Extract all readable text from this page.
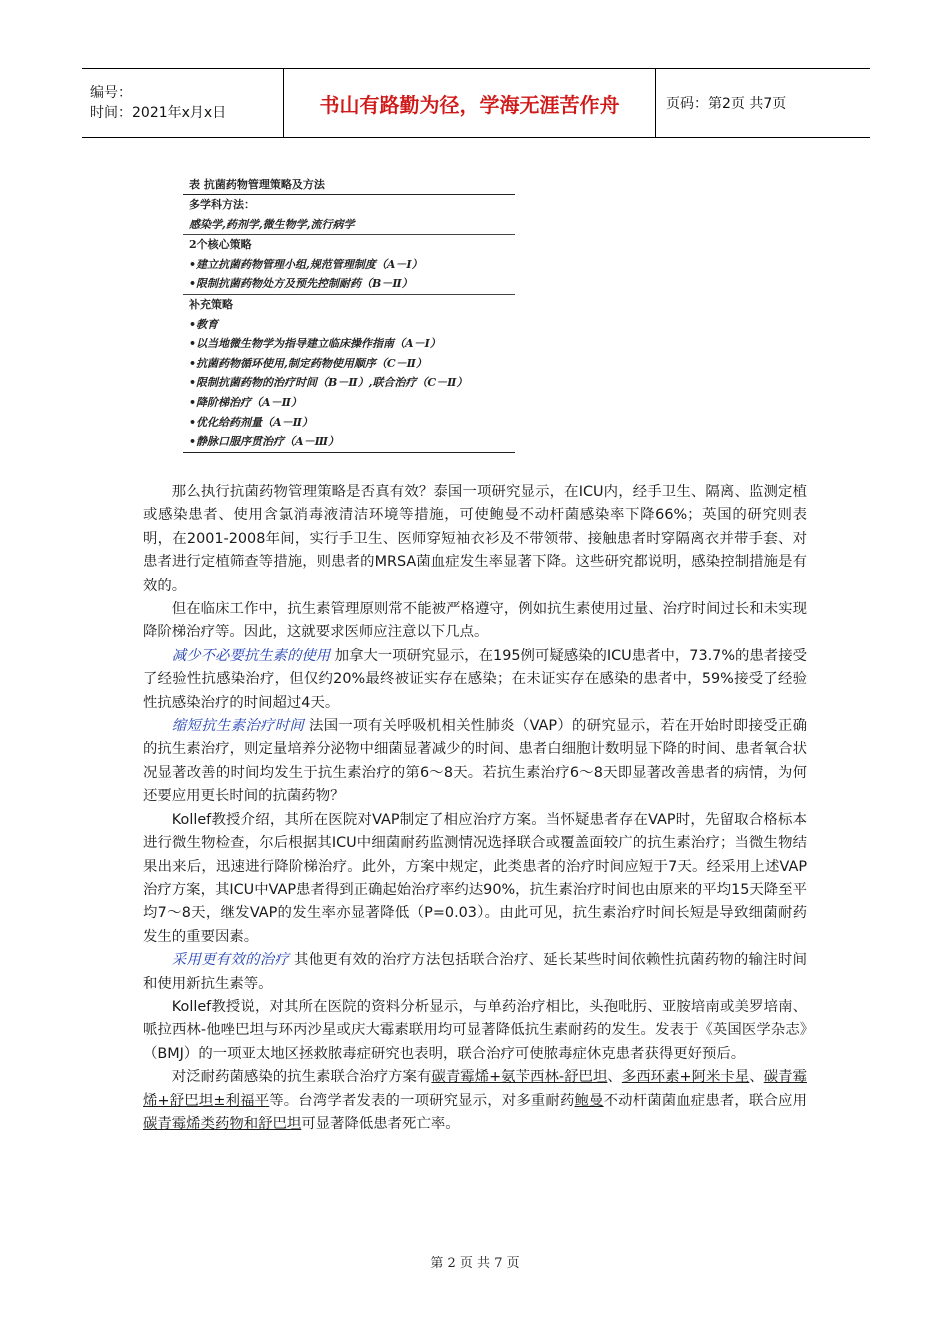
编号：
时间：2021年x月x日	书山有路勤为径，学海无涯苦作舟	页码：第2页 共7页
表 抗菌药物管理策略及方法
多学科方法：
感染学,药剂学,微生物学,流行病学
2个核心策略
•建立抗菌药物管理小组,规范管理制度（A－Ⅰ）
•限制抗菌药物处方及预先控制耐药（B－Ⅱ）
补充策略
•教育
•以当地微生物学为指导建立临床操作指南（A－Ⅰ）
•抗菌药物循环使用,制定药物使用顺序（C－Ⅱ）
•限制抗菌药物的治疗时间（B－Ⅱ）,联合治疗（C－Ⅱ）
•降阶梯治疗（A－Ⅱ）
•优化给药剂量（A－Ⅱ）
•静脉口服序贯治疗（A－Ⅲ）

那么执行抗菌药物管理策略是否真有效？泰国一项研究显示，在ICU内，经手卫生、隔离、监测定植或感染患者、使用含氯消毒液清洁环境等措施，可使鲍曼不动杆菌感染率下降66%；英国的研究则表明，在2001-2008年间，实行手卫生、医师穿短袖衣衫及不带领带、接触患者时穿隔离衣并带手套、对患者进行定植筛查等措施，则患者的MRSA菌血症发生率显著下降。这些研究都说明，感染控制措施是有效的。

但在临床工作中，抗生素管理原则常不能被严格遵守，例如抗生素使用过量、治疗时间过长和未实现降阶梯治疗等。因此，这就要求医师应注意以下几点。

减少不必要抗生素的使用 加拿大一项研究显示，在195例可疑感染的ICU患者中，73.7%的患者接受了经验性抗感染治疗，但仅约20%最终被证实存在感染；在未证实存在感染的患者中，59%接受了经验性抗感染治疗的时间超过4天。

缩短抗生素治疗时间 法国一项有关呼吸机相关性肺炎（VAP）的研究显示，若在开始时即接受正确的抗生素治疗，则定量培养分泌物中细菌显著减少的时间、患者白细胞计数明显下降的时间、患者氧合状况显著改善的时间均发生于抗生素治疗的第6～8天。若抗生素治疗6～8天即显著改善患者的病情，为何还要应用更长时间的抗菌药物？

Kollef教授介绍，其所在医院对VAP制定了相应治疗方案。当怀疑患者存在VAP时，先留取合格标本进行微生物检查，尔后根据其ICU中细菌耐药监测情况选择联合或覆盖面较广的抗生素治疗；当微生物结果出来后，迅速进行降阶梯治疗。此外，方案中规定，此类患者的治疗时间应短于7天。经采用上述VAP治疗方案，其ICU中VAP患者得到正确起始治疗率约达90%，抗生素治疗时间也由原来的平均15天降至平均7～8天，继发VAP的发生率亦显著降低（P=0.03）。由此可见，抗生素治疗时间长短是导致细菌耐药发生的重要因素。

采用更有效的治疗 其他更有效的治疗方法包括联合治疗、延长某些时间依赖性抗菌药物的输注时间和使用新抗生素等。

Kollef教授说，对其所在医院的资料分析显示，与单药治疗相比，头孢吡肟、亚胺培南或美罗培南、哌拉西林-他唑巴坦与环丙沙星或庆大霉素联用均可显著降低抗生素耐药的发生。发表于《英国医学杂志》（BMJ）的一项亚太地区拯救脓毒症研究也表明，联合治疗可使脓毒症休克患者获得更好预后。

对泛耐药菌感染的抗生素联合治疗方案有碳青霉烯+氨苄西林-舒巴坦、多西环素+阿米卡星、碳青霉烯+舒巴坦±利福平等。台湾学者发表的一项研究显示，对多重耐药鲍曼不动杆菌菌血症患者，联合应用碳青霉烯类药物和舒巴坦可显著降低患者死亡率。

第 2 页 共 7 页
